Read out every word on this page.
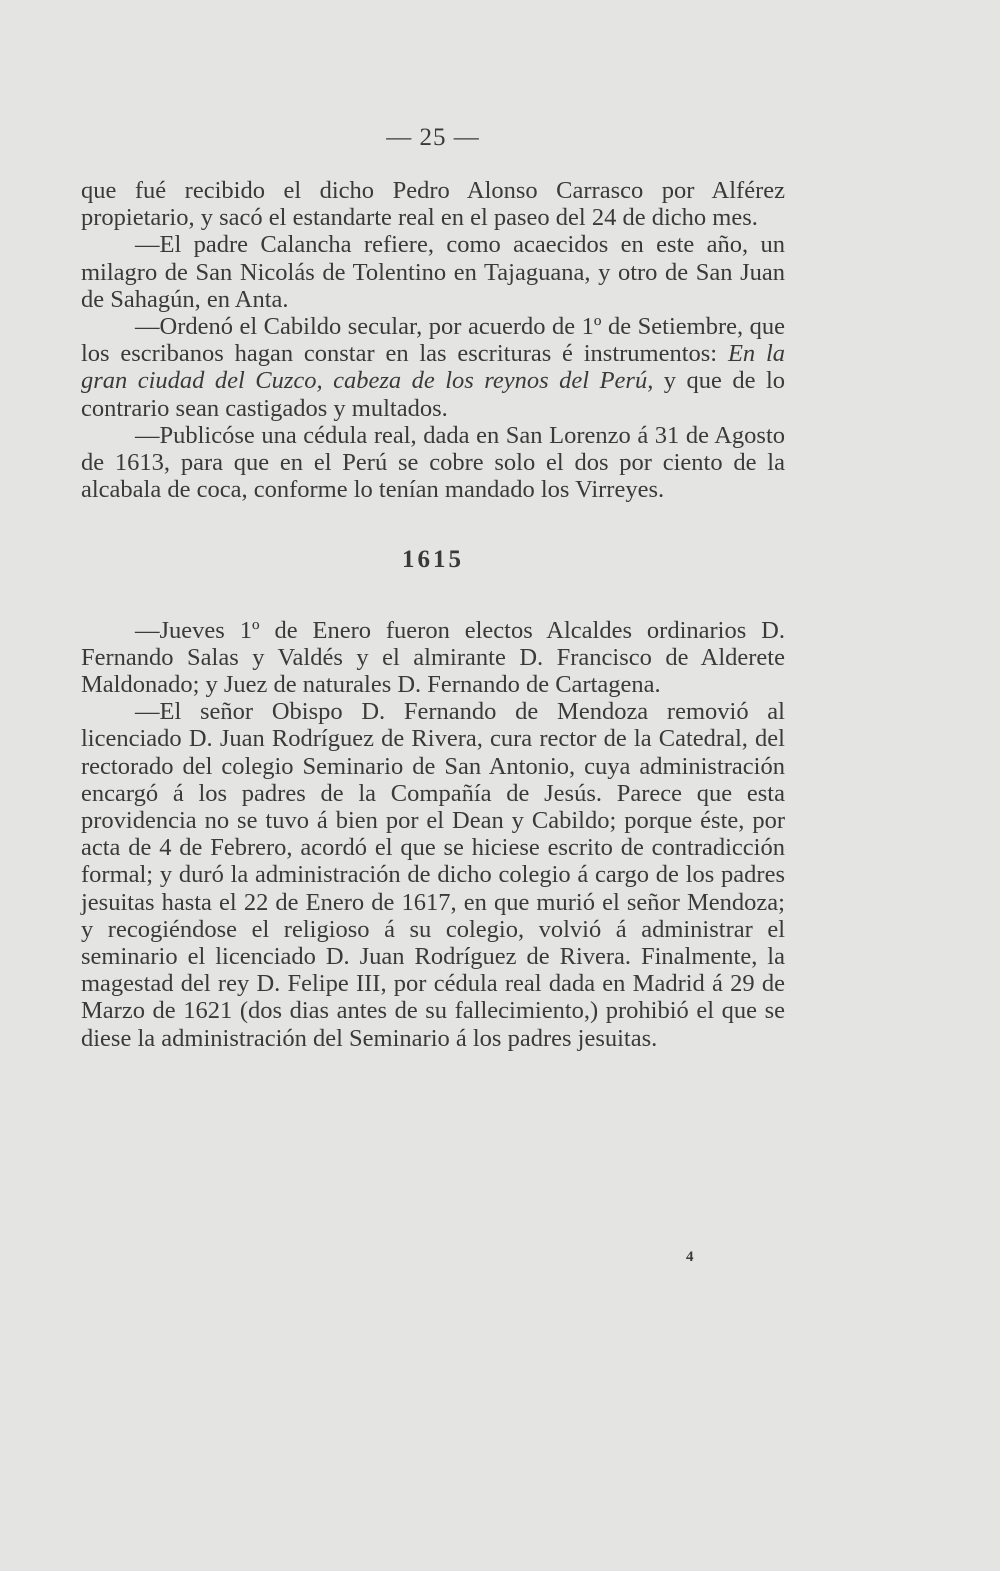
— 25 —

que fué recibido el dicho Pedro Alonso Carrasco por Alférez propietario, y sacó el estandarte real en el paseo del 24 de dicho mes.

—El padre Calancha refiere, como acaecidos en este año, un milagro de San Nicolás de Tolentino en Tajaguana, y otro de San Juan de Sahagún, en Anta.

—Ordenó el Cabildo secular, por acuerdo de 1º de Setiembre, que los escribanos hagan constar en las escrituras é instrumentos: En la gran ciudad del Cuzco, cabeza de los reynos del Perú, y que de lo contrario sean castigados y multados.

—Publicóse una cédula real, dada en San Lorenzo á 31 de Agosto de 1613, para que en el Perú se cobre solo el dos por ciento de la alcabala de coca, conforme lo tenían mandado los Virreyes.

1615

—Jueves 1º de Enero fueron electos Alcaldes ordinarios D. Fernando Salas y Valdés y el almirante D. Francisco de Alderete Maldonado; y Juez de naturales D. Fernando de Cartagena.

—El señor Obispo D. Fernando de Mendoza removió al licenciado D. Juan Rodríguez de Rivera, cura rector de la Catedral, del rectorado del colegio Seminario de San Antonio, cuya administración encargó á los padres de la Compañía de Jesús. Parece que esta providencia no se tuvo á bien por el Dean y Cabildo; porque éste, por acta de 4 de Febrero, acordó el que se hiciese escrito de contradicción formal; y duró la administración de dicho colegio á cargo de los padres jesuitas hasta el 22 de Enero de 1617, en que murió el señor Mendoza; y recogiéndose el religioso á su colegio, volvió á administrar el seminario el licenciado D. Juan Rodríguez de Rivera. Finalmente, la magestad del rey D. Felipe III, por cédula real dada en Madrid á 29 de Marzo de 1621 (dos dias antes de su fallecimiento,) prohibió el que se diese la administración del Seminario á los padres jesuitas.

4
